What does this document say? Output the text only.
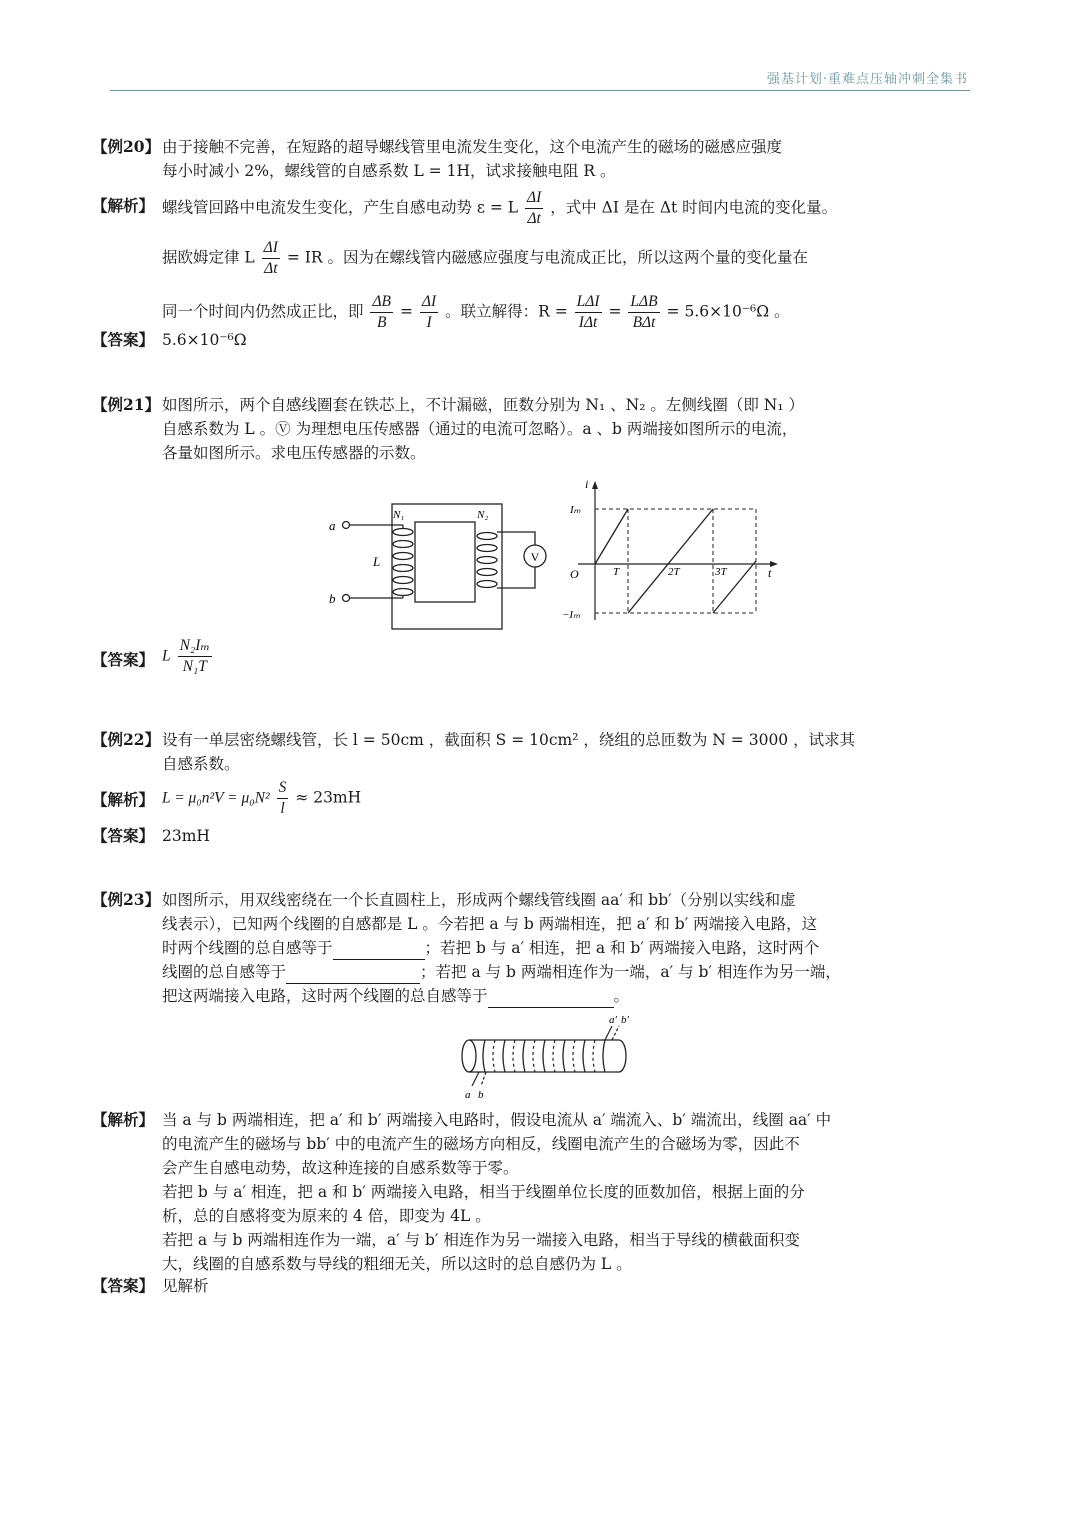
强基计划·重难点压轴冲刺全集书
【例20】 由于接触不完善，在短路的超导螺线管里电流发生变化，这个电流产生的磁场的磁感应强度
每小时减小 2%，螺线管的自感系数 L = 1H，试求接触电阻 R 。
【解析】 螺线管回路中电流发生变化，产生自感电动势 ε = L $\frac{\Delta I}{\Delta t}$ ，式中 ΔI 是在 Δt 时间内电流的变化量。
据欧姆定律 L $\frac{\Delta I}{\Delta t}$ = IR 。因为在螺线管内磁感应强度与电流成正比，所以这两个量的变化量在
同一个时间内仍然成正比，即 $\frac{\Delta B}{B} = \frac{\Delta I}{I}$ 。联立解得：$R = \frac{\text{LΔI}}{\text{IΔt}} = \frac{\text{LΔB}}{\text{BΔt}} = 5.6\times 10^{-6}\Omega$ 。
【答案】 5.6×10⁻⁶Ω
【例21】 如图所示，两个自感线圈套在铁芯上，不计漏磁，匝数分别为 N₁ 、N₂ 。左侧线圈（即 N₁ ）
自感系数为 L 。Ⓥ 为理想电压传感器（通过的电流可忽略）。a 、b 两端接如图所示的电流，
各量如图所示。求电压传感器的示数。
V
a
b
L
N₁	N₂
i
Iₘ
−Iₘ
O	T	2T	3T	t
【答案】 L $\frac{\text{N₂Iₘ}}{\text{N₁T}}$
【例22】 设有一单层密绕螺线管，长 l = 50cm ，截面积 S = 10cm² ，绕组的总匝数为 N = 3000 ，试求其
自感系数。
【解析】 $L = \mu_0n^2V = \mu_0N^2 \frac{S}{l} \approx 23mH$
【答案】 23mH
【例23】 如图所示，用双线密绕在一个长直圆柱上，形成两个螺线管线圈 aa′ 和 bb′（分别以实线和虚
线表示），已知两个线圈的自感都是 L 。今若把 a 与 b 两端相连，把 a′ 和 b′ 两端接入电路，这
时两个线圈的总自感等于	；若把 b 与 a′ 相连，把 a 和 b′ 两端接入电路，这时两个
线圈的总自感等于	；若把 a 与 b 两端相连作为一端，a′ 与 b′ 相连作为另一端，
把这两端接入电路，这时两个线圈的总自感等于	。
a′ b′
a b
【解析】 当 a 与 b 两端相连，把 a′ 和 b′ 两端接入电路时，假设电流从 a′ 端流入、b′ 端流出，线圈 aa′ 中
的电流产生的磁场与 bb′ 中的电流产生的磁场方向相反，线圈电流产生的合磁场为零，因此不
会产生自感电动势，故这种连接的自感系数等于零。
若把 b 与 a′ 相连，把 a 和 b′ 两端接入电路，相当于线圈单位长度的匝数加倍，根据上面的分
析，总的自感将变为原来的 4 倍，即变为 4L 。
若把 a 与 b 两端相连作为一端，a′ 与 b′ 相连作为另一端接入电路，相当于导线的横截面积变
大，线圈的自感系数与导线的粗细无关，所以这时的总自感仍为 L 。
【答案】 见解析
